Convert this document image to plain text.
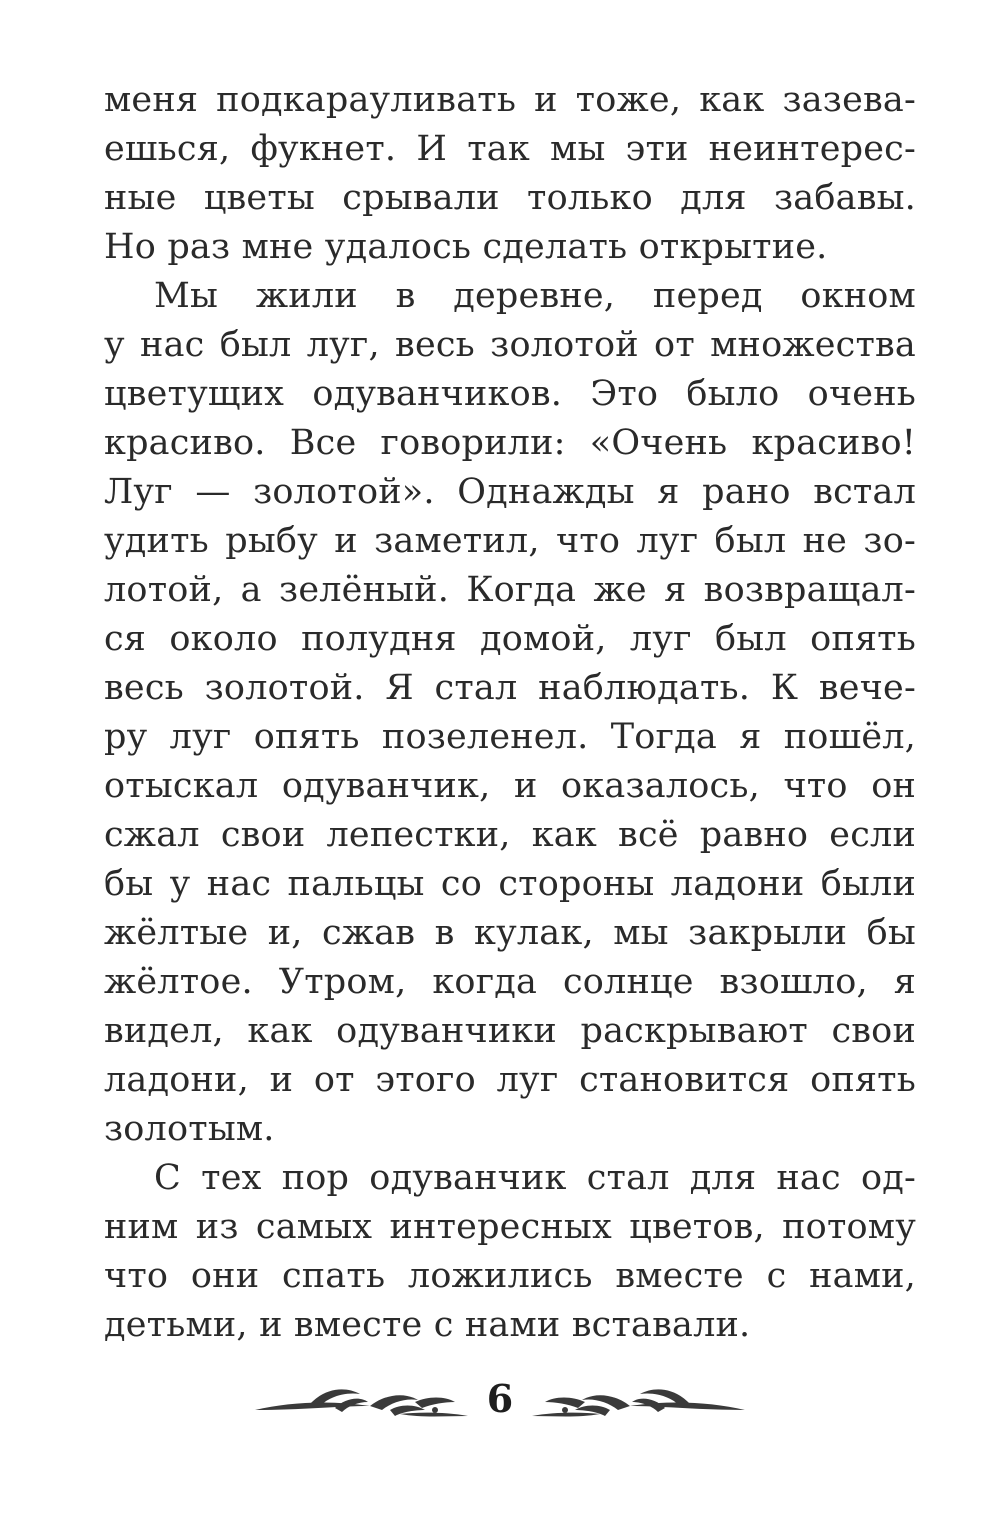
меня подкарауливать и тоже, как зазева-
ешься, фукнет. И так мы эти неинтерес-
ные цветы срывали только для забавы.
Но раз мне удалось сделать открытие.
Мы жили в деревне, перед окном
у нас был луг, весь золотой от множества
цветущих одуванчиков. Это было очень
красиво. Все говорили: «Очень красиво!
Луг — золотой». Однажды я рано встал
удить рыбу и заметил, что луг был не зо-
лотой, а зелёный. Когда же я возвращал-
ся около полудня домой, луг был опять
весь золотой. Я стал наблюдать. К вече-
ру луг опять позеленел. Тогда я пошёл,
отыскал одуванчик, и оказалось, что он
сжал свои лепестки, как всё равно если
бы у нас пальцы со стороны ладони были
жёлтые и, сжав в кулак, мы закрыли бы
жёлтое. Утром, когда солнце взошло, я
видел, как одуванчики раскрывают свои
ладони, и от этого луг становится опять
золотым.
С тех пор одуванчик стал для нас од-
ним из самых интересных цветов, потому
что они спать ложились вместе с нами,
детьми, и вместе с нами вставали.
6
